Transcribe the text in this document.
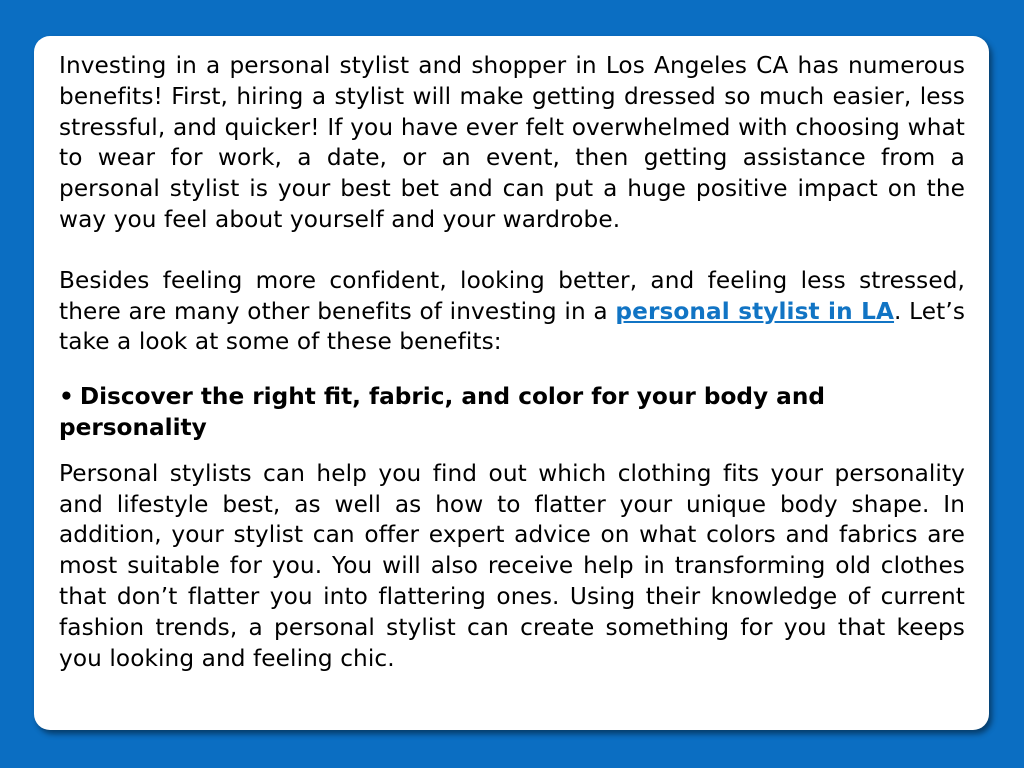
Investing in a personal stylist and shopper in Los Angeles CA has numerous benefits! First, hiring a stylist will make getting dressed so much easier, less stressful, and quicker! If you have ever felt overwhelmed with choosing what to wear for work, a date, or an event, then getting assistance from a personal stylist is your best bet and can put a huge positive impact on the way you feel about yourself and your wardrobe.

Besides feeling more confident, looking better, and feeling less stressed, there are many other benefits of investing in a personal stylist in LA. Let’s take a look at some of these benefits:

• Discover the right fit, fabric, and color for your body and personality

Personal stylists can help you find out which clothing fits your personality and lifestyle best, as well as how to flatter your unique body shape. In addition, your stylist can offer expert advice on what colors and fabrics are most suitable for you. You will also receive help in transforming old clothes that don’t flatter you into flattering ones. Using their knowledge of current fashion trends, a personal stylist can create something for you that keeps you looking and feeling chic.
